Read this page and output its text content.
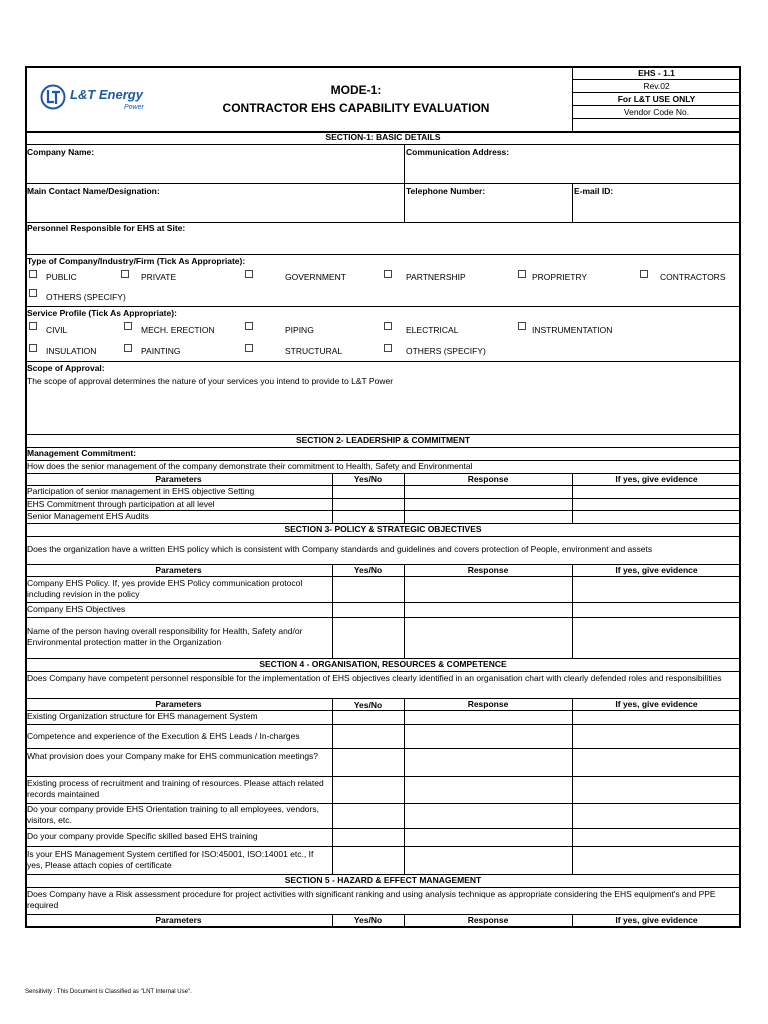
L&T Energy
Power
MODE-1:
CONTRACTOR EHS CAPABILITY EVALUATION
EHS - 1.1
Rev.02
For L&T USE ONLY
Vendor Code No.
SECTION-1: BASIC DETAILS
Company Name:	Communication Address:
Main Contact Name/Designation:	Telephone Number:	E-mail ID:
Personnel Responsible for EHS at Site:
Type of Company/Industry/Firm (Tick As Appropriate):
PUBLIC	PRIVATE	GOVERNMENT	PARTNERSHIP	PROPRIETRY	CONTRACTORS
OTHERS (SPECIFY)
Service Profile (Tick As Appropriate):
CIVIL	MECH. ERECTION	PIPING	ELECTRICAL	INSTRUMENTATION
INSULATION	PAINTING	STRUCTURAL	OTHERS (SPECIFY)
Scope of Approval:
The scope of approval determines the nature of your services you intend to provide to L&T Power
SECTION 2- LEADERSHIP & COMMITMENT
Management Commitment:
How does the senior management of the company demonstrate their commitment to Health, Safety and Environmental
Parameters	Yes/No	Response	If yes, give evidence
Participation of senior management in EHS objective Setting
EHS Commitment through participation at all level
Senior Management EHS Audits
SECTION 3- POLICY & STRATEGIC OBJECTIVES
Does the organization have a written EHS policy which is consistent with Company standards and guidelines and covers protection of People, environment and assets
Parameters	Yes/No	Response	If yes, give evidence
Company EHS Policy. If, yes provide EHS Policy communication protocol including revision in the policy
Company EHS Objectives
Name of the person having overall responsibility for Health, Safety and/or Environmental protection matter in the Organization
SECTION 4 - ORGANISATION, RESOURCES & COMPETENCE
Does Company have competent personnel responsible for the implementation of EHS objectives clearly identified in an organisation chart with clearly defended roles and responsibilities
Parameters	Yes/No	Response	If yes, give evidence
Existing Organization structure for EHS management System
Competence and experience of the Execution & EHS Leads / In-charges
What provision does your Company make for EHS communication meetings?
Existing process of recruitment and training of resources. Please attach related records maintained
Do your company provide EHS Orientation training to all employees, vendors, visitors, etc.
Do your company provide Specific skilled based EHS training
Is your EHS Management System certified for ISO:45001, ISO:14001 etc., If yes, Please attach copies of certificate
SECTION 5 - HAZARD & EFFECT MANAGEMENT
Does Company have a Risk assessment procedure for project activities with significant ranking and using analysis technique as appropriate considering the EHS equipment's and PPE required
Parameters	Yes/No	Response	If yes, give evidence
Sensitivity : This Document is Classified as "LNT Internal Use".
